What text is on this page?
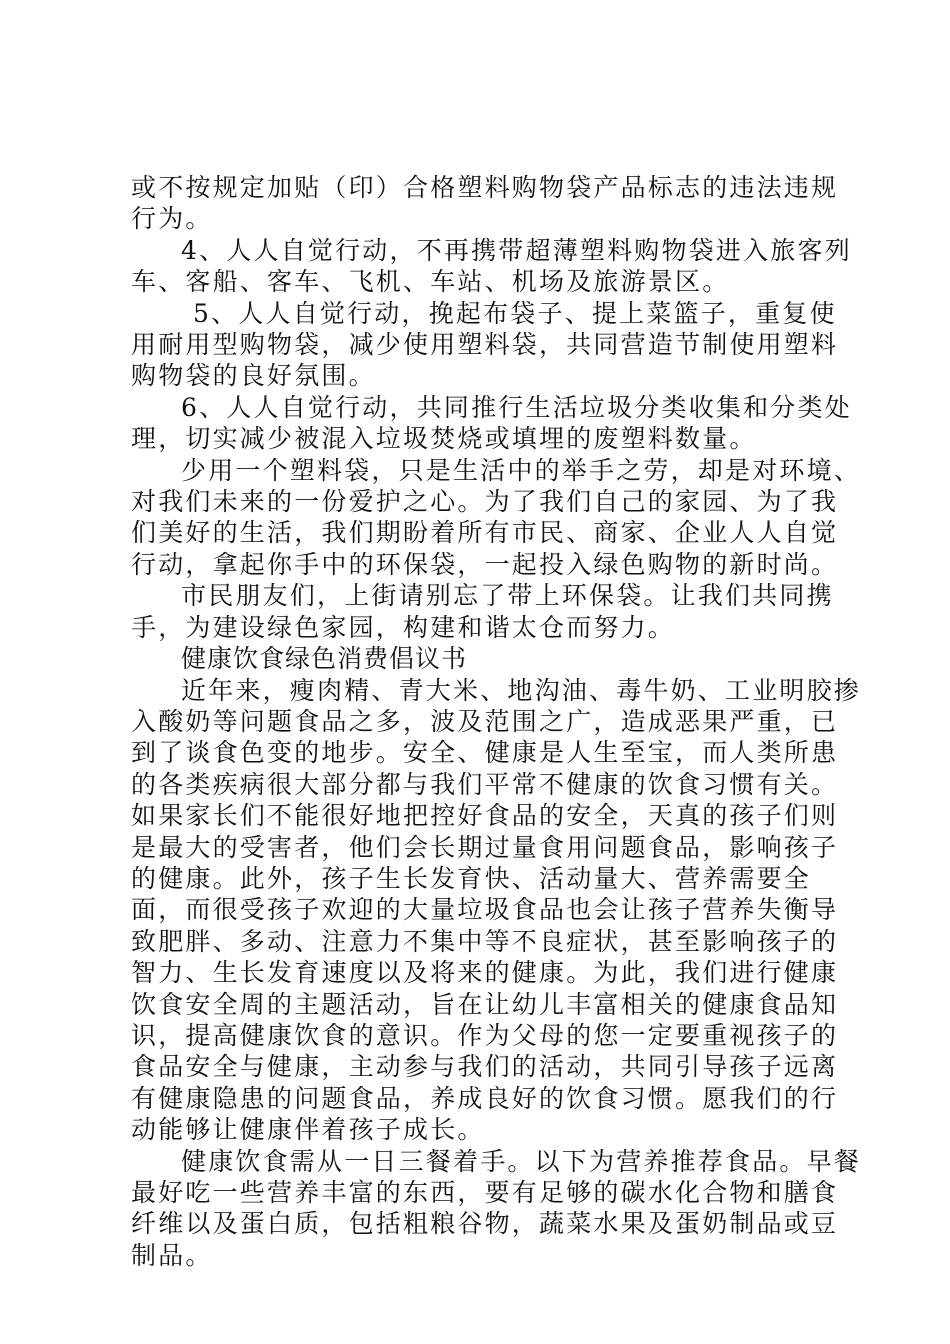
或不按规定加贴（印）合格塑料购物袋产品标志的违法违规行为。

4、人人自觉行动，不再携带超薄塑料购物袋进入旅客列车、客船、客车、飞机、车站、机场及旅游景区。

5、人人自觉行动，挽起布袋子、提上菜篮子，重复使用耐用型购物袋，减少使用塑料袋，共同营造节制使用塑料购物袋的良好氛围。

6、人人自觉行动，共同推行生活垃圾分类收集和分类处理，切实减少被混入垃圾焚烧或填埋的废塑料数量。

少用一个塑料袋，只是生活中的举手之劳，却是对环境、对我们未来的一份爱护之心。为了我们自己的家园、为了我们美好的生活，我们期盼着所有市民、商家、企业人人自觉行动，拿起你手中的环保袋，一起投入绿色购物的新时尚。

市民朋友们，上街请别忘了带上环保袋。让我们共同携手，为建设绿色家园，构建和谐太仓而努力。

健康饮食绿色消费倡议书

近年来，瘦肉精、青大米、地沟油、毒牛奶、工业明胶掺入酸奶等问题食品之多，波及范围之广，造成恶果严重，已到了谈食色变的地步。安全、健康是人生至宝，而人类所患的各类疾病很大部分都与我们平常不健康的饮食习惯有关。如果家长们不能很好地把控好食品的安全，天真的孩子们则是最大的受害者，他们会长期过量食用问题食品，影响孩子的健康。此外，孩子生长发育快、活动量大、营养需要全面，而很受孩子欢迎的大量垃圾食品也会让孩子营养失衡导致肥胖、多动、注意力不集中等不良症状，甚至影响孩子的智力、生长发育速度以及将来的健康。为此，我们进行健康饮食安全周的主题活动，旨在让幼儿丰富相关的健康食品知识，提高健康饮食的意识。作为父母的您一定要重视孩子的食品安全与健康，主动参与我们的活动，共同引导孩子远离有健康隐患的问题食品，养成良好的饮食习惯。愿我们的行动能够让健康伴着孩子成长。

健康饮食需从一日三餐着手。以下为营养推荐食品。早餐最好吃一些营养丰富的东西，要有足够的碳水化合物和膳食纤维以及蛋白质，包括粗粮谷物，蔬菜水果及蛋奶制品或豆制品。
